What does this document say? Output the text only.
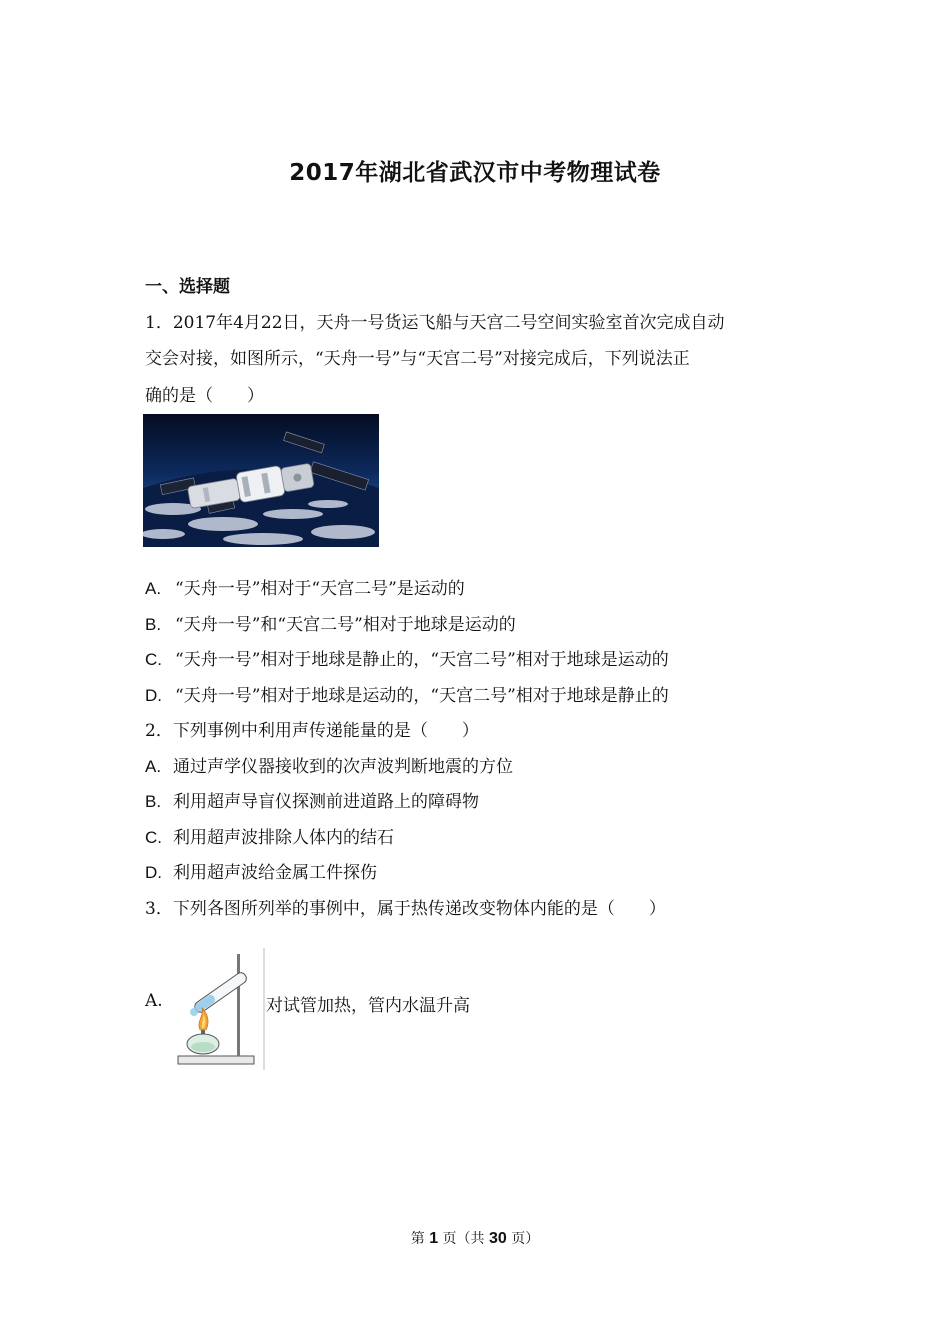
2017年湖北省武汉市中考物理试卷
一、选择题
1．2017年4月22日，天舟一号货运飞船与天宫二号空间实验室首次完成自动
交会对接，如图所示，“天舟一号”与“天宫二号”对接完成后，下列说法正
确的是（　　）
A. “天舟一号”相对于“天宫二号”是运动的
B. “天舟一号”和“天宫二号”相对于地球是运动的
C. “天舟一号”相对于地球是静止的，“天宫二号”相对于地球是运动的
D. “天舟一号”相对于地球是运动的，“天宫二号”相对于地球是静止的
2．下列事例中利用声传递能量的是（　　）
A. 通过声学仪器接收到的次声波判断地震的方位
B. 利用超声导盲仪探测前进道路上的障碍物
C. 利用超声波排除人体内的结石
D. 利用超声波给金属工件探伤
3．下列各图所列举的事例中，属于热传递改变物体内能的是（　　）
A.	对试管加热，管内水温升高
第 1 页（共 30 页）
